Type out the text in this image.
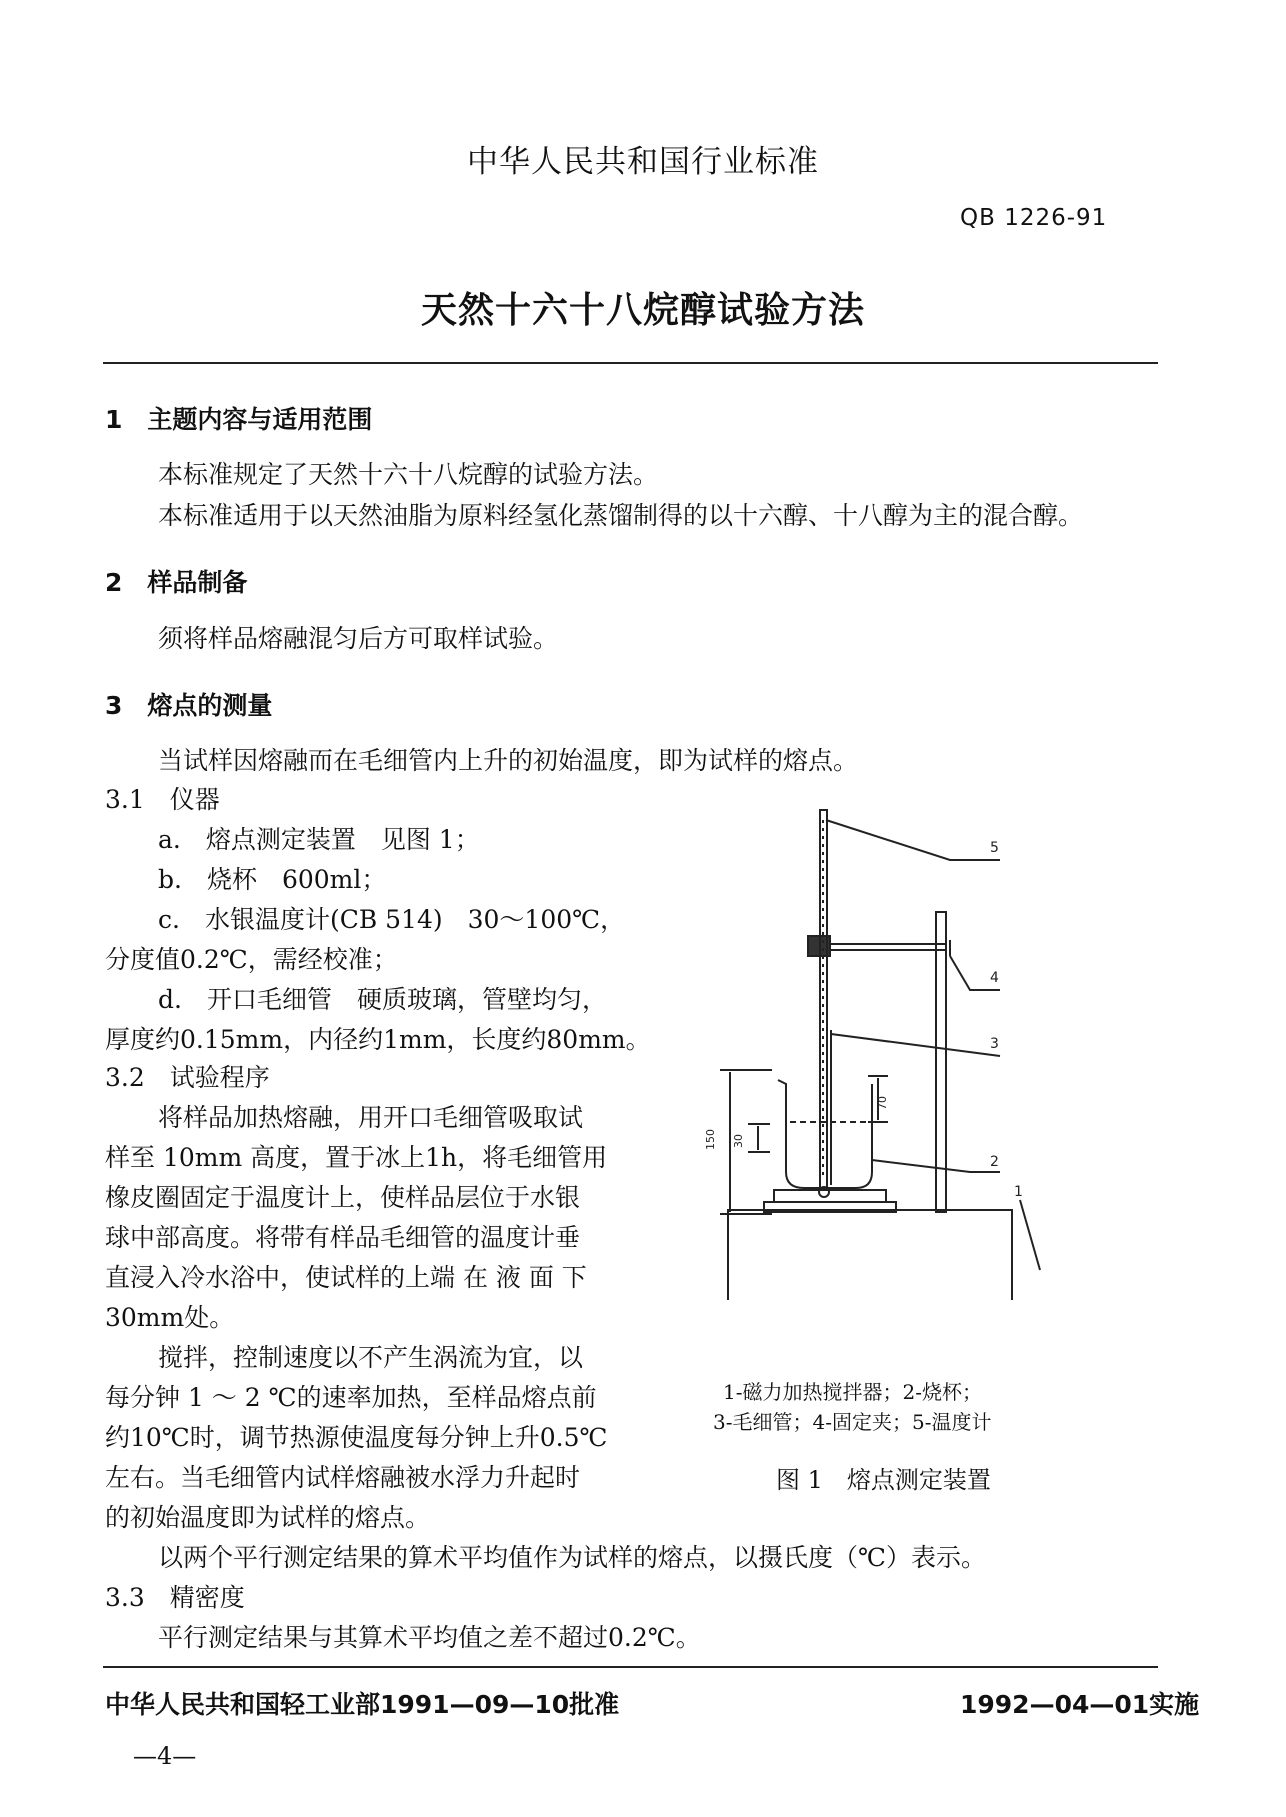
中华人民共和国行业标准
QB 1226-91
天然十六十八烷醇试验方法
1　主题内容与适用范围
本标准规定了天然十六十八烷醇的试验方法。
本标准适用于以天然油脂为原料经氢化蒸馏制得的以十六醇、十八醇为主的混合醇。
2　样品制备
须将样品熔融混匀后方可取样试验。
3　熔点的测量
当试样因熔融而在毛细管内上升的初始温度，即为试样的熔点。
3.1　仪器
a.　熔点测定装置　见图 1；
b.　烧杯　600ml；
c.　水银温度计(CB 514)　30～100℃，
分度值0.2℃，需经校准；
d.　开口毛细管　硬质玻璃，管壁均匀，
厚度约0.15mm，内径约1mm，长度约80mm。
3.2　试验程序
将样品加热熔融，用开口毛细管吸取试
样至 10mm 高度，置于冰上1h，将毛细管用
橡皮圈固定于温度计上，使样品层位于水银
球中部高度。将带有样品毛细管的温度计垂
直浸入冷水浴中，使试样的上端 在 液 面 下
30mm处。
搅拌，控制速度以不产生涡流为宜，以
每分钟 1 ～ 2 ℃的速率加热，至样品熔点前
约10℃时，调节热源使温度每分钟上升0.5℃
左右。当毛细管内试样熔融被水浮力升起时
的初始温度即为试样的熔点。
以两个平行测定结果的算术平均值作为试样的熔点，以摄氏度（℃）表示。
3.3　精密度
平行测定结果与其算术平均值之差不超过0.2℃。
5
4
3
2
1
150 30
70
1-磁力加热搅拌器；2-烧杯；
3-毛细管；4-固定夹；5-温度计
图 1　熔点测定装置
中华人民共和国轻工业部1991—09—10批准	1992—04—01实施
—4—
